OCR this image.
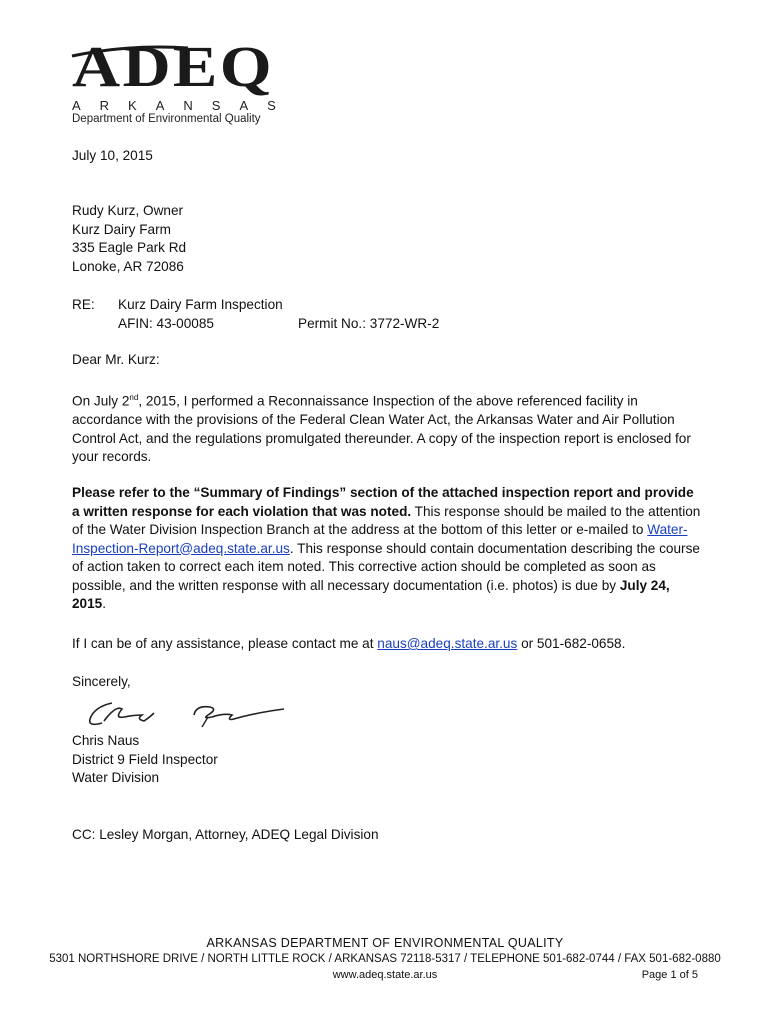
ADEQ
ARKANSAS
Department of Environmental Quality
July 10, 2015
Rudy Kurz, Owner
Kurz Dairy Farm
335 Eagle Park Rd
Lonoke, AR 72086
RE: Kurz Dairy Farm Inspection
AFIN: 43-00085	Permit No.: 3772-WR-2
Dear Mr. Kurz:
On July 2nd, 2015, I performed a Reconnaissance Inspection of the above referenced facility in accordance with the provisions of the Federal Clean Water Act, the Arkansas Water and Air Pollution Control Act, and the regulations promulgated thereunder. A copy of the inspection report is enclosed for your records.
Please refer to the “Summary of Findings” section of the attached inspection report and provide a written response for each violation that was noted. This response should be mailed to the attention of the Water Division Inspection Branch at the address at the bottom of this letter or e-mailed to Water-Inspection-Report@adeq.state.ar.us. This response should contain documentation describing the course of action taken to correct each item noted. This corrective action should be completed as soon as possible, and the written response with all necessary documentation (i.e. photos) is due by July 24, 2015.
If I can be of any assistance, please contact me at naus@adeq.state.ar.us or 501-682-0658.
Sincerely,
Chris Naus
District 9 Field Inspector
Water Division
CC: Lesley Morgan, Attorney, ADEQ Legal Division
ARKANSAS DEPARTMENT OF ENVIRONMENTAL QUALITY
5301 NORTHSHORE DRIVE / NORTH LITTLE ROCK / ARKANSAS 72118-5317 / TELEPHONE 501-682-0744 / FAX 501-682-0880
www.adeq.state.ar.us	Page 1 of 5
